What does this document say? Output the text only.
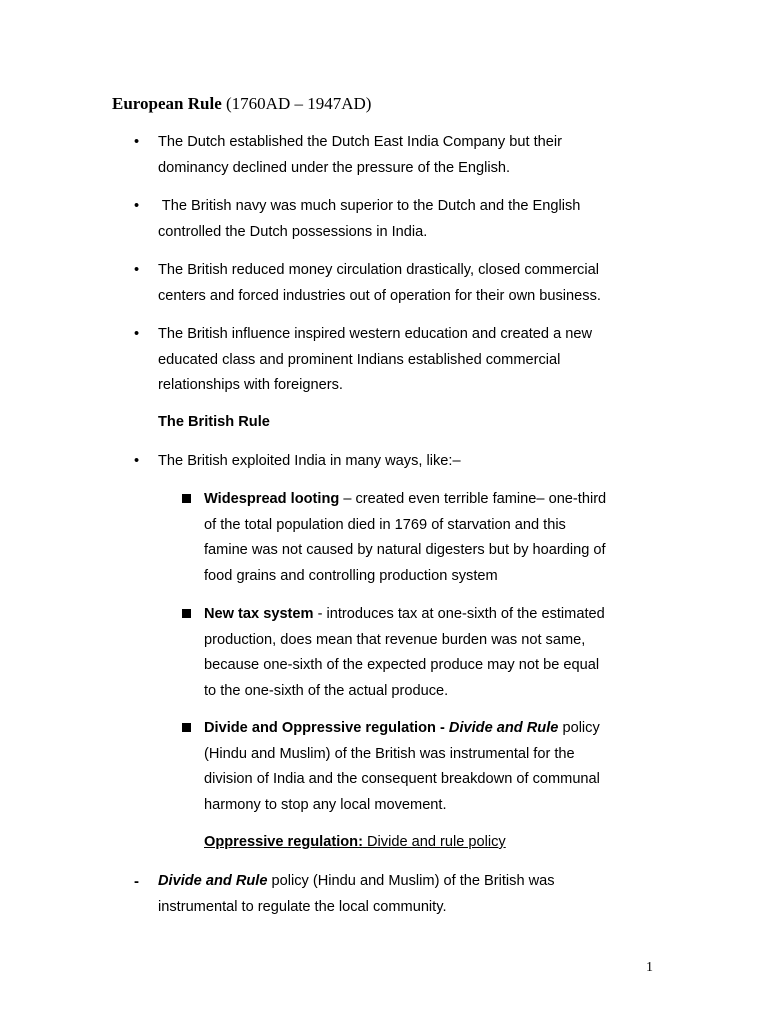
European Rule (1760AD – 1947AD)
• The Dutch established the Dutch East India Company but their
dominancy declined under the pressure of the English.
• The British navy was much superior to the Dutch and the English
controlled the Dutch possessions in India.
• The British reduced money circulation drastically, closed commercial
centers and forced industries out of operation for their own business.
• The British influence inspired western education and created a new
educated class and prominent Indians established commercial
relationships with foreigners.
The British Rule
• The British exploited India in many ways, like:–
Widespread looting – created even terrible famine– one-third
of the total population died in 1769 of starvation and this
famine was not caused by natural digesters but by hoarding of
food grains and controlling production system
New tax system - introduces tax at one-sixth of the estimated
production, does mean that revenue burden was not same,
because one-sixth of the expected produce may not be equal
to the one-sixth of the actual produce.
Divide and Oppressive regulation - Divide and Rule policy
(Hindu and Muslim) of the British was instrumental for the
division of India and the consequent breakdown of communal
harmony to stop any local movement.
Oppressive regulation: Divide and rule policy
- Divide and Rule policy (Hindu and Muslim) of the British was
instrumental to regulate the local community.
1
